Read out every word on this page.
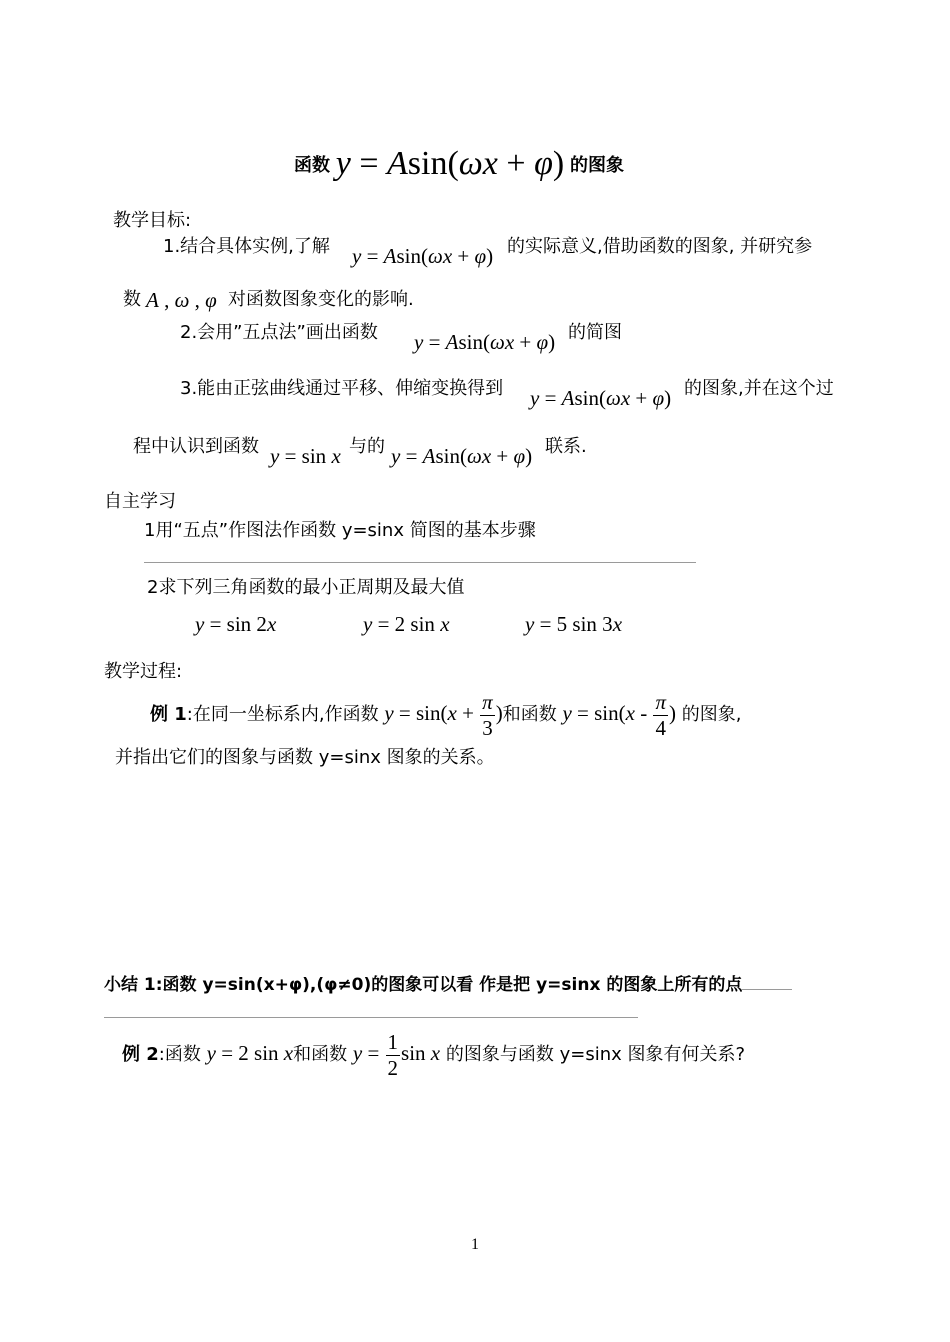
函数 y = Asin(ωx + φ) 的图象
教学目标:
1.结合具体实例,了解 y = Asin(ωx + φ) 的实际意义,借助函数的图象, 并研究参
数 A , ω , φ 对函数图象变化的影响.
2.会用”五点法”画出函数 y = Asin(ωx + φ) 的简图
3.能由正弦曲线通过平移、伸缩变换得到 y = Asin(ωx + φ) 的图象,并在这个过
程中认识到函数 y = sin x 与的 y = Asin(ωx + φ) 联系.
自主学习
1用“五点”作图法作函数 y=sinx 简图的基本步骤
2求下列三角函数的最小正周期及最大值
y = sin 2x	y = 2 sin x	y = 5 sin 3x
教学过程:
例 1:在同一坐标系内,作函数 $y = \sin(x + \frac{\pi}{3}$ )和函数 $y = \sin(x - \frac{\pi}{4}$ ) 的图象,
并指出它们的图象与函数 y=sinx 图象的关系。
小结 1:函数 y=sin(x+φ),(φ≠0)的图象可以看 作是把 y=sinx 的图象上所有的点
例 2:函数 y = 2 sin x和函数 $y = \frac{1}{2}$ sin x 的图象与函数 y=sinx 图象有何关系?
1
